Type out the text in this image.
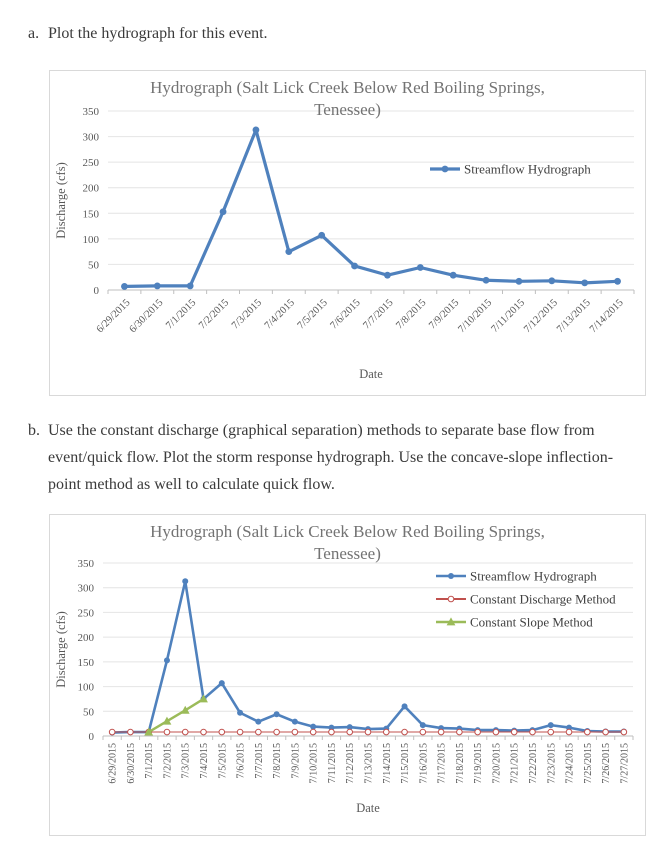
a. Plot the hydrograph for this event.
0
50
100
150
200
250
300
350
6/29/2015
6/30/2015
7/1/2015
7/2/2015
7/3/2015
7/4/2015
7/5/2015
7/6/2015
7/7/2015
7/8/2015
7/9/2015
7/10/2015
7/11/2015
7/12/2015
7/13/2015
7/14/2015
Hydrograph (Salt Lick Creek Below Red Boiling Springs,
Tenessee)
Streamflow Hydrograph
Date
Discharge (cfs)
b. Use the constant discharge (graphical separation) methods to separate base flow from event/quick flow. Plot the storm response hydrograph. Use the concave-slope inflection-point method as well to calculate quick flow.
0
50
100
150
200
250
300
350
6/29/2015 6/30/2015 7/1/2015 7/2/2015 7/3/2015 7/4/2015 7/5/2015 7/6/2015 7/7/2015 7/8/2015 7/9/2015 7/10/2015 7/11/2015 7/12/2015 7/13/2015 7/14/2015 7/15/2015 7/16/2015 7/17/2015 7/18/2015 7/19/2015 7/20/2015 7/21/2015 7/22/2015 7/23/2015 7/24/2015 7/25/2015 7/26/2015 7/27/2015
Hydrograph (Salt Lick Creek Below Red Boiling Springs,
Tenessee)
Streamflow Hydrograph
Constant Discharge Method
Constant Slope Method
Date
Discharge (cfs)
